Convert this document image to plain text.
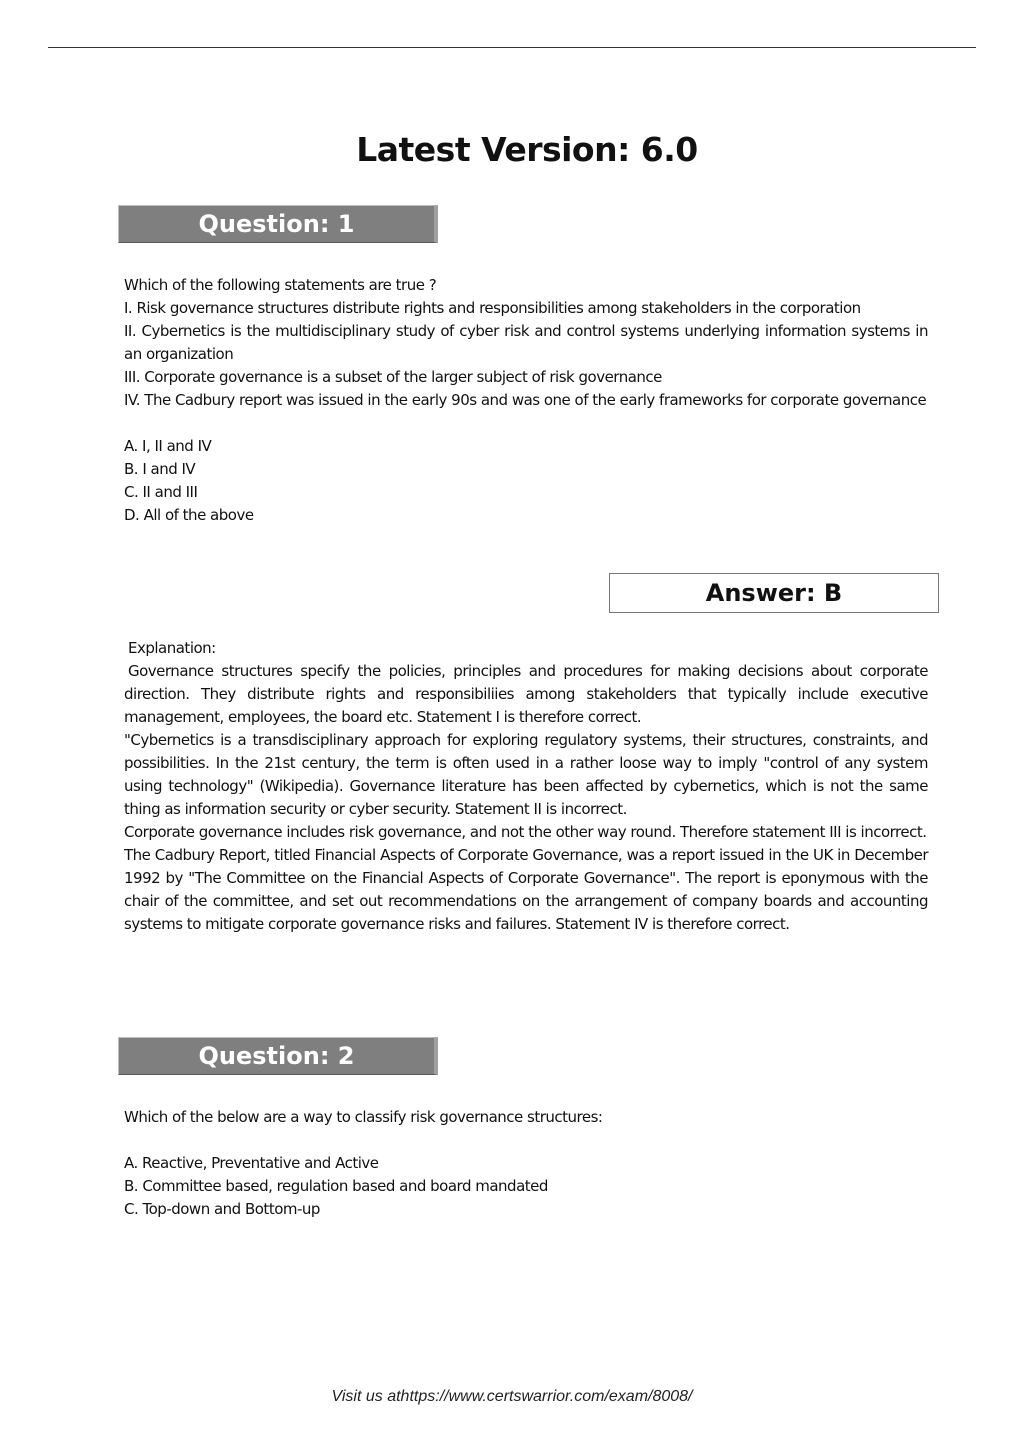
Latest Version: 6.0
Question: 1
Which of the following statements are true ?
I. Risk governance structures distribute rights and responsibilities among stakeholders in the corporation
II. Cybernetics is the multidisciplinary study of cyber risk and control systems underlying information systems in an organization
III. Corporate governance is a subset of the larger subject of risk governance
IV. The Cadbury report was issued in the early 90s and was one of the early frameworks for corporate governance
A. I, II and IV
B. I and IV
C. II and III
D. All of the above
Answer: B
Explanation:
Governance structures specify the policies, principles and procedures for making decisions about corporate direction. They distribute rights and responsibiliies among stakeholders that typically include executive management, employees, the board etc. Statement I is therefore correct.
"Cybernetics is a transdisciplinary approach for exploring regulatory systems, their structures, constraints, and possibilities. In the 21st century, the term is often used in a rather loose way to imply "control of any system using technology" (Wikipedia). Governance literature has been affected by cybernetics, which is not the same thing as information security or cyber security. Statement II is incorrect.
Corporate governance includes risk governance, and not the other way round. Therefore statement III is incorrect.
The Cadbury Report, titled Financial Aspects of Corporate Governance, was a report issued in the UK in December 1992 by "The Committee on the Financial Aspects of Corporate Governance". The report is eponymous with the chair of the committee, and set out recommendations on the arrangement of company boards and accounting systems to mitigate corporate governance risks and failures. Statement IV is therefore correct.
Question: 2
Which of the below are a way to classify risk governance structures:
A. Reactive, Preventative and Active
B. Committee based, regulation based and board mandated
C. Top-down and Bottom-up
Visit us athttps://www.certswarrior.com/exam/8008/
